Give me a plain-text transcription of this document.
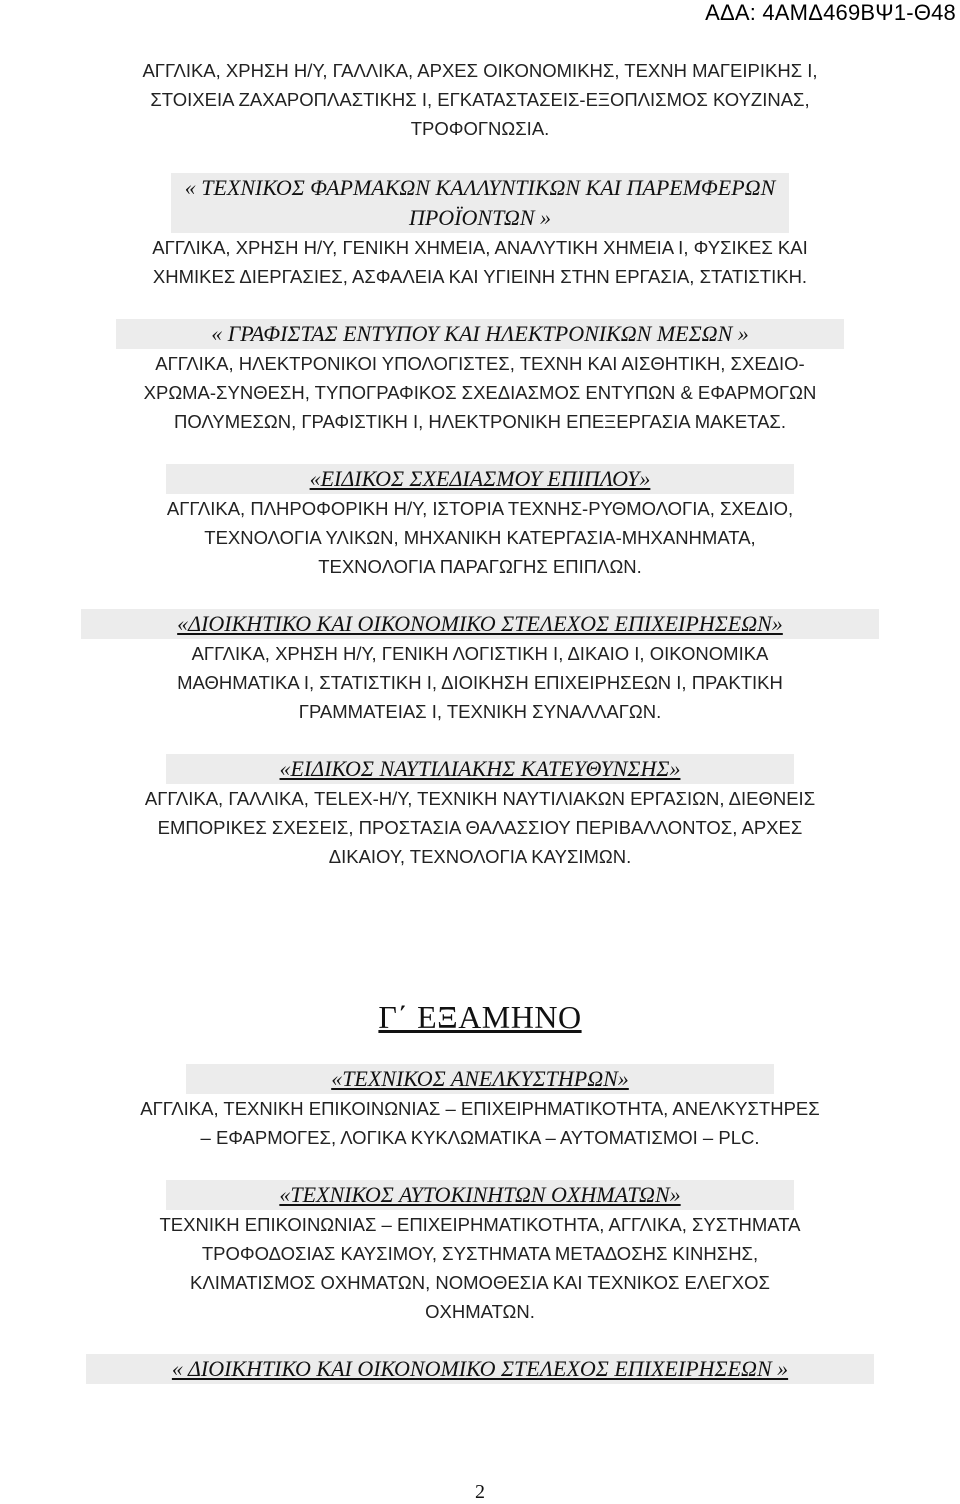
ΑΔΑ: 4ΑΜΔ469ΒΨ1-Θ48
ΑΓΓΛΙΚΑ, ΧΡΗΣΗ Η/Υ, ΓΑΛΛΙΚΑ, ΑΡΧΕΣ ΟΙΚΟΝΟΜΙΚΗΣ, ΤΕΧΝΗ ΜΑΓΕΙΡΙΚΗΣ Ι,
ΣΤΟΙΧΕΙΑ ΖΑΧΑΡΟΠΛΑΣΤΙΚΗΣ Ι, ΕΓΚΑΤΑΣΤΑΣΕΙΣ-ΕΞΟΠΛΙΣΜΟΣ ΚΟΥΖΙΝΑΣ,
ΤΡΟΦΟΓΝΩΣΙΑ.
« ΤΕΧΝΙΚΟΣ ΦΑΡΜΑΚΩΝ ΚΑΛΛΥΝΤΙΚΩΝ ΚΑΙ ΠΑΡΕΜΦΕΡΩΝ
ΠΡΟΪΟΝΤΩΝ »
ΑΓΓΛΙΚΑ, ΧΡΗΣΗ Η/Υ, ΓΕΝΙΚΗ ΧΗΜΕΙΑ, ΑΝΑΛΥΤΙΚΗ ΧΗΜΕΙΑ Ι, ΦΥΣΙΚΕΣ ΚΑΙ
ΧΗΜΙΚΕΣ ΔΙΕΡΓΑΣΙΕΣ, ΑΣΦΑΛΕΙΑ ΚΑΙ ΥΓΙΕΙΝΗ ΣΤΗΝ ΕΡΓΑΣΙΑ, ΣΤΑΤΙΣΤΙΚΗ.
« ΓΡΑΦΙΣΤΑΣ ΕΝΤΥΠΟΥ ΚΑΙ ΗΛΕΚΤΡΟΝΙΚΩΝ ΜΕΣΩΝ »
ΑΓΓΛΙΚΑ, ΗΛΕΚΤΡΟΝΙΚΟΙ ΥΠΟΛΟΓΙΣΤΕΣ, ΤΕΧΝΗ ΚΑΙ ΑΙΣΘΗΤΙΚΗ, ΣΧΕΔΙΟ-
ΧΡΩΜΑ-ΣΥΝΘΕΣΗ, ΤΥΠΟΓΡΑΦΙΚΟΣ ΣΧΕΔΙΑΣΜΟΣ ΕΝΤΥΠΩΝ & ΕΦΑΡΜΟΓΩΝ
ΠΟΛΥΜΕΣΩΝ, ΓΡΑΦΙΣΤΙΚΗ Ι, ΗΛΕΚΤΡΟΝΙΚΗ ΕΠΕΞΕΡΓΑΣΙΑ ΜΑΚΕΤΑΣ.
«ΕΙΔΙΚΟΣ ΣΧΕΔΙΑΣΜΟΥ ΕΠΙΠΛΟΥ»
ΑΓΓΛΙΚΑ, ΠΛΗΡΟΦΟΡΙΚΗ Η/Υ, ΙΣΤΟΡΙΑ ΤΕΧΝΗΣ-ΡΥΘΜΟΛΟΓΙΑ, ΣΧΕΔΙΟ,
ΤΕΧΝΟΛΟΓΙΑ ΥΛΙΚΩΝ, ΜΗΧΑΝΙΚΗ ΚΑΤΕΡΓΑΣΙΑ-ΜΗΧΑΝΗΜΑΤΑ,
ΤΕΧΝΟΛΟΓΙΑ ΠΑΡΑΓΩΓΗΣ ΕΠΙΠΛΩΝ.
«ΔΙΟΙΚΗΤΙΚΟ ΚΑΙ ΟΙΚΟΝΟΜΙΚΟ ΣΤΕΛΕΧΟΣ ΕΠΙΧΕΙΡΗΣΕΩΝ»
ΑΓΓΛΙΚΑ, ΧΡΗΣΗ Η/Υ, ΓΕΝΙΚΗ ΛΟΓΙΣΤΙΚΗ Ι, ΔΙΚΑΙΟ Ι, ΟΙΚΟΝΟΜΙΚΑ
ΜΑΘΗΜΑΤΙΚΑ Ι, ΣΤΑΤΙΣΤΙΚΗ Ι, ΔΙΟΙΚΗΣΗ ΕΠΙΧΕΙΡΗΣΕΩΝ Ι, ΠΡΑΚΤΙΚΗ
ΓΡΑΜΜΑΤΕΙΑΣ Ι, ΤΕΧΝΙΚΗ ΣΥΝΑΛΛΑΓΩΝ.
«ΕΙΔΙΚΟΣ ΝΑΥΤΙΛΙΑΚΗΣ ΚΑΤΕΥΘΥΝΣΗΣ»
ΑΓΓΛΙΚΑ, ΓΑΛΛΙΚΑ, TELEX-Η/Υ, ΤΕΧΝΙΚΗ ΝΑΥΤΙΛΙΑΚΩΝ ΕΡΓΑΣΙΩΝ, ΔΙΕΘΝΕΙΣ
ΕΜΠΟΡΙΚΕΣ ΣΧΕΣΕΙΣ, ΠΡΟΣΤΑΣΙΑ ΘΑΛΑΣΣΙΟΥ ΠΕΡΙΒΑΛΛΟΝΤΟΣ, ΑΡΧΕΣ
ΔΙΚΑΙΟΥ, ΤΕΧΝΟΛΟΓΙΑ ΚΑΥΣΙΜΩΝ.
Γ΄ ΕΞΑΜΗΝΟ
«ΤΕΧΝΙΚΟΣ ΑΝΕΛΚΥΣΤΗΡΩΝ»
ΑΓΓΛΙΚΑ, ΤΕΧΝΙΚΗ ΕΠΙΚΟΙΝΩΝΙΑΣ – ΕΠΙΧΕΙΡΗΜΑΤΙΚΟΤΗΤΑ, ΑΝΕΛΚΥΣΤΗΡΕΣ
– ΕΦΑΡΜΟΓΕΣ, ΛΟΓΙΚΑ ΚΥΚΛΩΜΑΤΙΚΑ – ΑΥΤΟΜΑΤΙΣΜΟΙ – PLC.
«ΤΕΧΝΙΚΟΣ ΑΥΤΟΚΙΝΗΤΩΝ ΟΧΗΜΑΤΩΝ»
ΤΕΧΝΙΚΗ ΕΠΙΚΟΙΝΩΝΙΑΣ – ΕΠΙΧΕΙΡΗΜΑΤΙΚΟΤΗΤΑ, ΑΓΓΛΙΚΑ, ΣΥΣΤΗΜΑΤΑ
ΤΡΟΦΟΔΟΣΙΑΣ ΚΑΥΣΙΜΟΥ, ΣΥΣΤΗΜΑΤΑ ΜΕΤΑΔΟΣΗΣ ΚΙΝΗΣΗΣ,
ΚΛΙΜΑΤΙΣΜΟΣ ΟΧΗΜΑΤΩΝ, ΝΟΜΟΘΕΣΙΑ ΚΑΙ ΤΕΧΝΙΚΟΣ ΕΛΕΓΧΟΣ
ΟΧΗΜΑΤΩΝ.
« ΔΙΟΙΚΗΤΙΚΟ ΚΑΙ ΟΙΚΟΝΟΜΙΚΟ ΣΤΕΛΕΧΟΣ ΕΠΙΧΕΙΡΗΣΕΩΝ »
2
